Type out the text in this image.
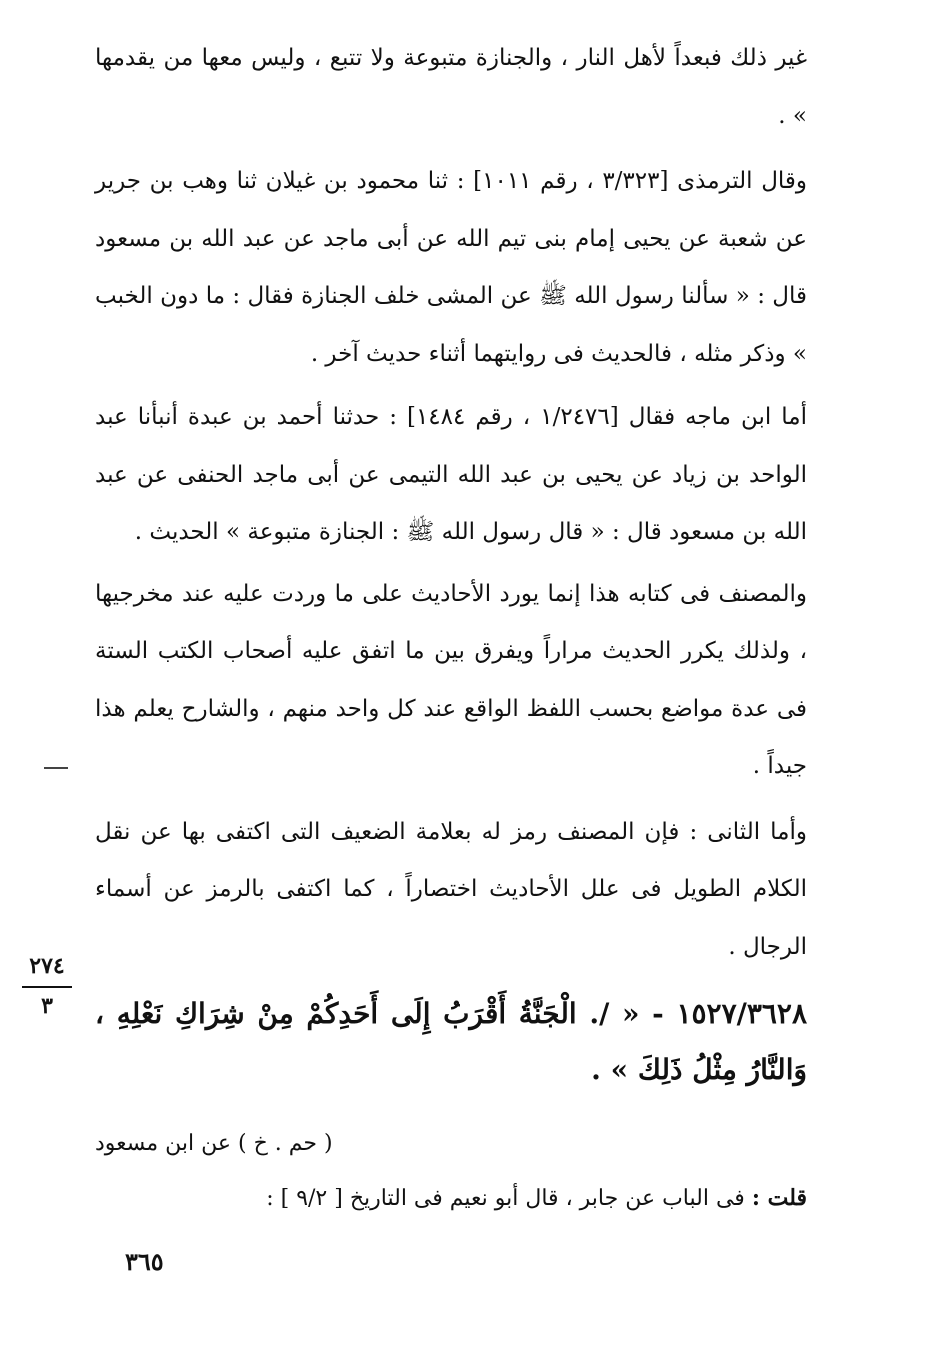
غير ذلك فبعداً لأهل النار ، والجنازة متبوعة ولا تتبع ، وليس معها من يقدمها » .

وقال الترمذى [٣/٣٢٣ ، رقم ١٠١١] : ثنا محمود بن غيلان ثنا وهب بن جرير عن شعبة عن يحيى إمام بنى تيم الله عن أبى ماجد عن عبد الله بن مسعود قال : « سألنا رسول الله ﷺ عن المشى خلف الجنازة فقال : ما دون الخبب » وذكر مثله ، فالحديث فى روايتهما أثناء حديث آخر .

أما ابن ماجه فقال [١/٢٤٧٦ ، رقم ١٤٨٤] : حدثنا أحمد بن عبدة أنبأنا عبد الواحد بن زياد عن يحيى بن عبد الله التيمى عن أبى ماجد الحنفى عن عبد الله بن مسعود قال : « قال رسول الله ﷺ : الجنازة متبوعة » الحديث .

والمصنف فى كتابه هذا إنما يورد الأحاديث على ما وردت عليه عند مخرجيها ، ولذلك يكرر الحديث مراراً ويفرق بين ما اتفق عليه أصحاب الكتب الستة فى عدة مواضع بحسب اللفظ الواقع عند كل واحد منهم ، والشارح يعلم هذا جيداً .

وأما الثانى : فإن المصنف رمز له بعلامة الضعيف التى اكتفى بها عن نقل الكلام الطويل فى علل الأحاديث اختصاراً ، كما اكتفى بالرمز عن أسماء الرجال .

١٥٢٧/٣٦٢٨ - « /. الْجَنَّةُ أَقْرَبُ إِلَى أَحَدِكُمْ مِنْ شِرَاكِ نَعْلِهِ ، وَالنَّارُ مِثْلُ ذَلِكَ » .

( حم . خ ) عن ابن مسعود

قلت : فى الباب عن جابر ، قال أبو نعيم فى التاريخ [ ٩/٢ ] :

٢٧٤
٣
٣٦٥
